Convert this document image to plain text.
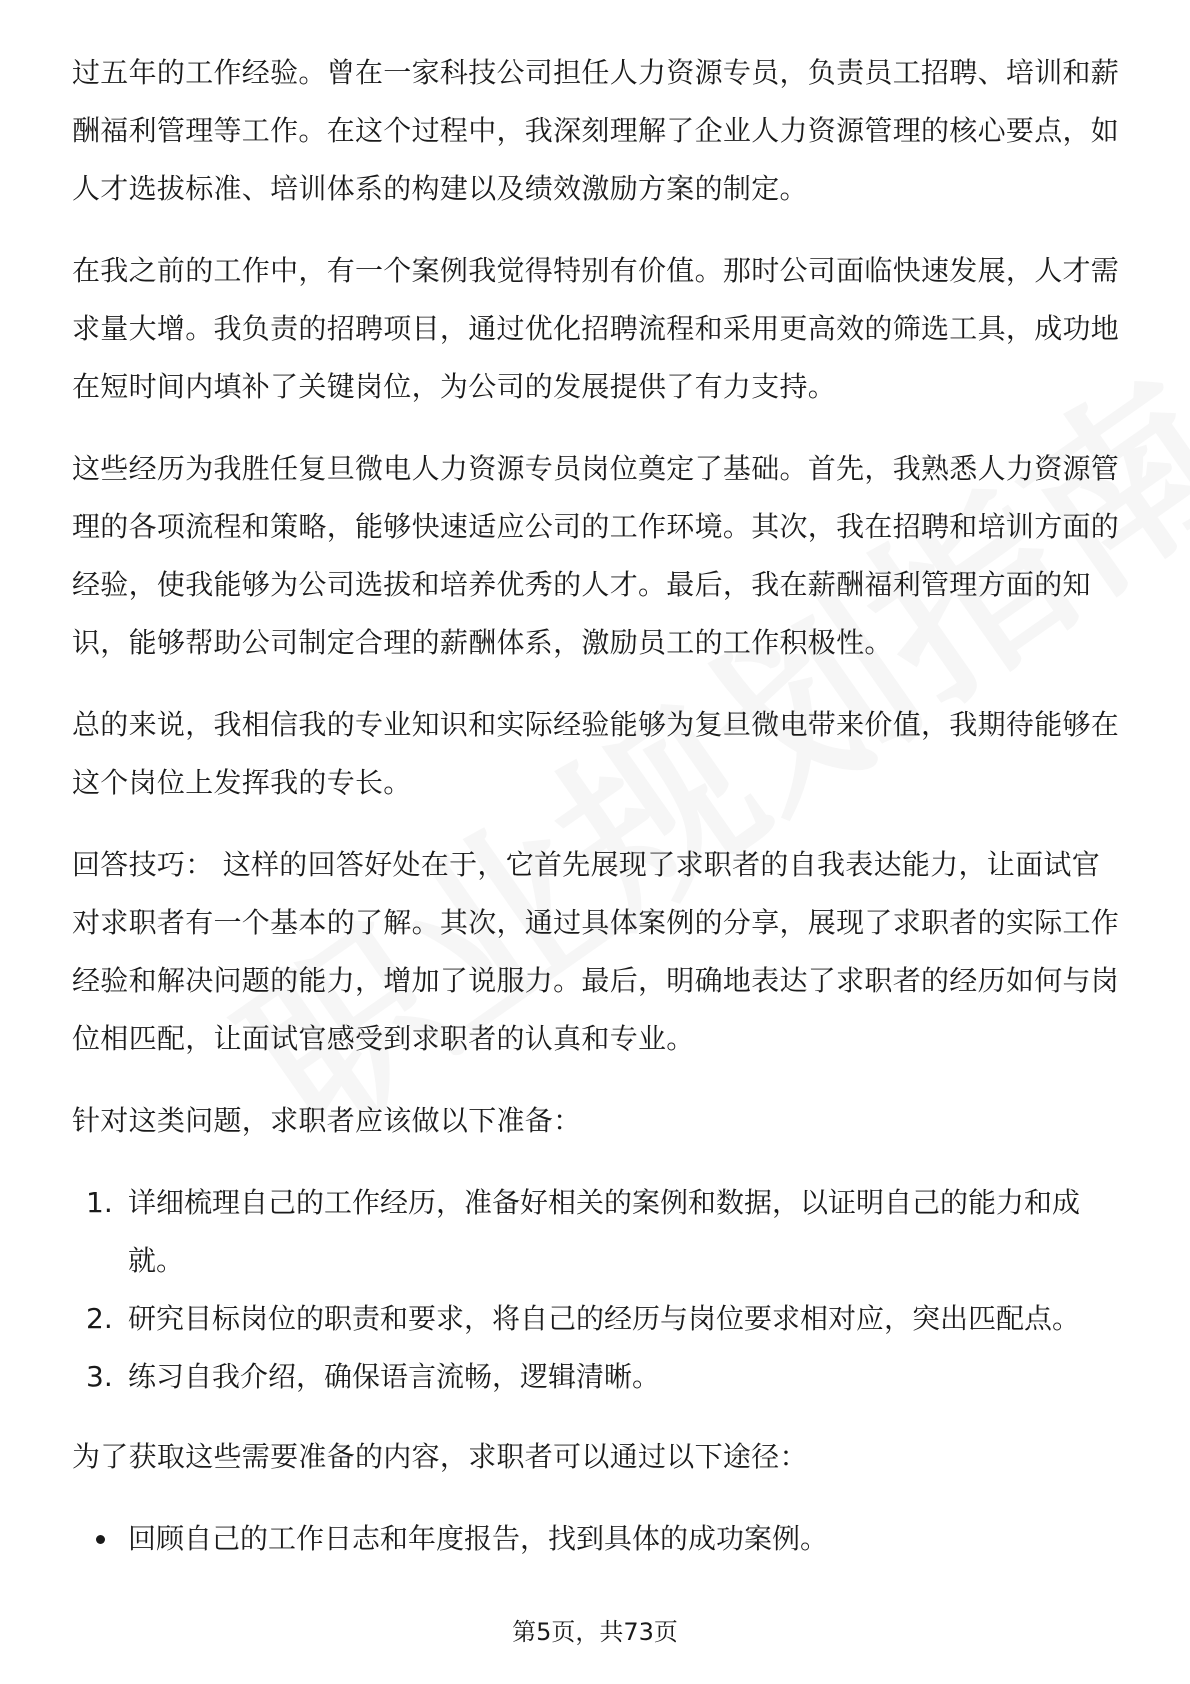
过五年的工作经验。曾在一家科技公司担任人力资源专员，负责员工招聘、培训和薪酬福利管理等工作。在这个过程中，我深刻理解了企业人力资源管理的核心要点，如人才选拔标准、培训体系的构建以及绩效激励方案的制定。

在我之前的工作中，有一个案例我觉得特别有价值。那时公司面临快速发展，人才需求量大增。我负责的招聘项目，通过优化招聘流程和采用更高效的筛选工具，成功地在短时间内填补了关键岗位，为公司的发展提供了有力支持。

这些经历为我胜任复旦微电人力资源专员岗位奠定了基础。首先，我熟悉人力资源管理的各项流程和策略，能够快速适应公司的工作环境。其次，我在招聘和培训方面的经验，使我能够为公司选拔和培养优秀的人才。最后，我在薪酬福利管理方面的知识，能够帮助公司制定合理的薪酬体系，激励员工的工作积极性。

总的来说，我相信我的专业知识和实际经验能够为复旦微电带来价值，我期待能够在这个岗位上发挥我的专长。

回答技巧： 这样的回答好处在于，它首先展现了求职者的自我表达能力，让面试官对求职者有一个基本的了解。其次，通过具体案例的分享，展现了求职者的实际工作经验和解决问题的能力，增加了说服力。最后，明确地表达了求职者的经历如何与岗位相匹配，让面试官感受到求职者的认真和专业。

针对这类问题，求职者应该做以下准备：

1. 详细梳理自己的工作经历，准备好相关的案例和数据，以证明自己的能力和成就。
2. 研究目标岗位的职责和要求，将自己的经历与岗位要求相对应，突出匹配点。
3. 练习自我介绍，确保语言流畅，逻辑清晰。

为了获取这些需要准备的内容，求职者可以通过以下途径：

回顾自己的工作日志和年度报告，找到具体的成功案例。
第5页，共73页
